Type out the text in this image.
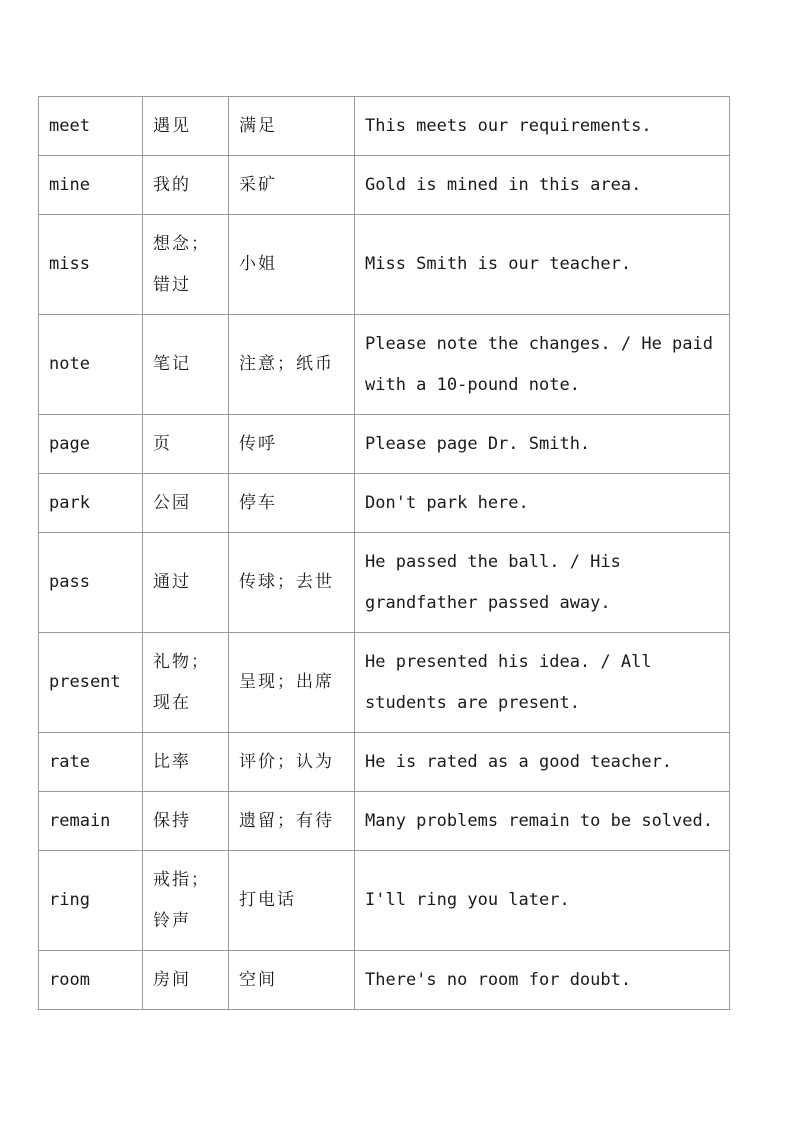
meet	遇见	满足	This meets our requirements.
mine	我的	采矿	Gold is mined in this area.
miss	想念；错过	小姐	Miss Smith is our teacher.
note	笔记	注意；纸币	Please note the changes. / He paid with a 10-pound note.
page	页	传呼	Please page Dr. Smith.
park	公园	停车	Don't park here.
pass	通过	传球；去世	He passed the ball. / His grandfather passed away.
present	礼物；现在	呈现；出席	He presented his idea. / All students are present.
rate	比率	评价；认为	He is rated as a good teacher.
remain	保持	遗留；有待	Many problems remain to be solved.
ring	戒指；铃声	打电话	I'll ring you later.
room	房间	空间	There's no room for doubt.
